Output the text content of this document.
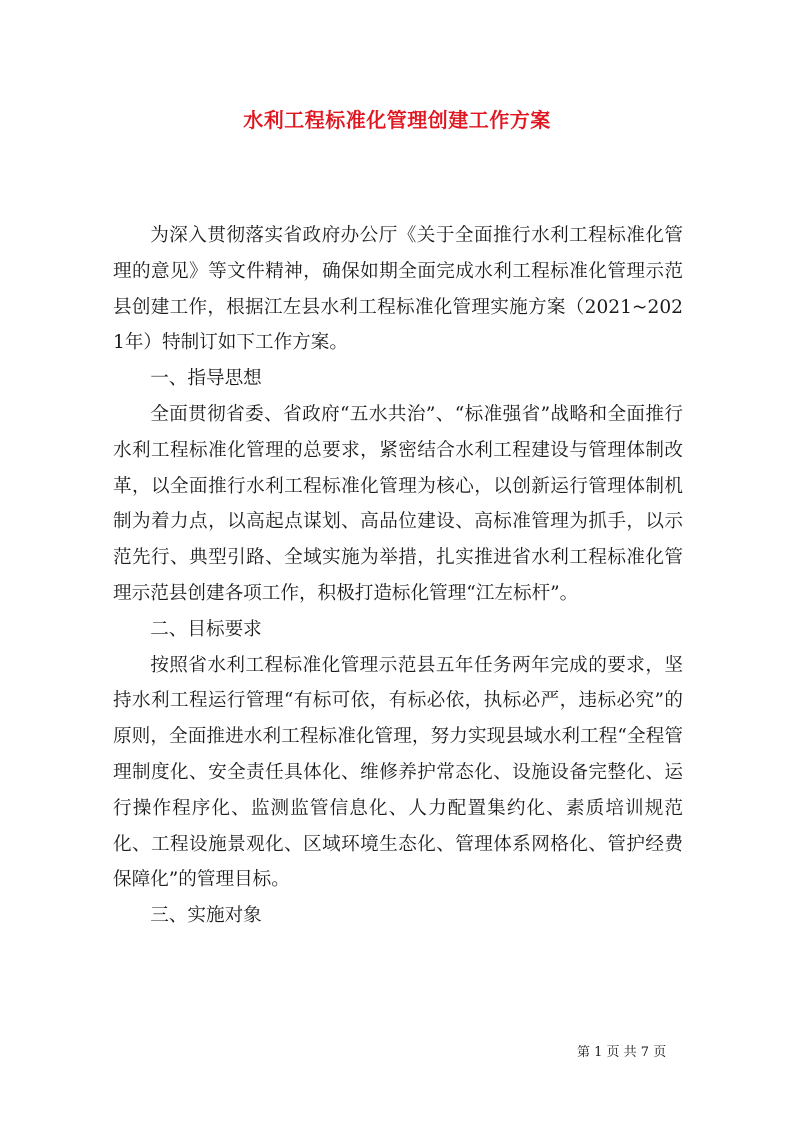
水利工程标准化管理创建工作方案

为深入贯彻落实省政府办公厅《关于全面推行水利工程标准化管理的意见》等文件精神，确保如期全面完成水利工程标准化管理示范县创建工作，根据江左县水利工程标准化管理实施方案（2021~2021年）特制订如下工作方案。

一、指导思想

全面贯彻省委、省政府“五水共治”、“标准强省”战略和全面推行水利工程标准化管理的总要求，紧密结合水利工程建设与管理体制改革，以全面推行水利工程标准化管理为核心，以创新运行管理体制机制为着力点，以高起点谋划、高品位建设、高标准管理为抓手，以示范先行、典型引路、全域实施为举措，扎实推进省水利工程标准化管理示范县创建各项工作，积极打造标化管理“江左标杆”。

二、目标要求

按照省水利工程标准化管理示范县五年任务两年完成的要求，坚持水利工程运行管理“有标可依，有标必依，执标必严，违标必究”的原则，全面推进水利工程标准化管理，努力实现县域水利工程“全程管理制度化、安全责任具体化、维修养护常态化、设施设备完整化、运行操作程序化、监测监管信息化、人力配置集约化、素质培训规范化、工程设施景观化、区域环境生态化、管理体系网格化、管护经费保障化”的管理目标。

三、实施对象

第 1 页 共 7 页
